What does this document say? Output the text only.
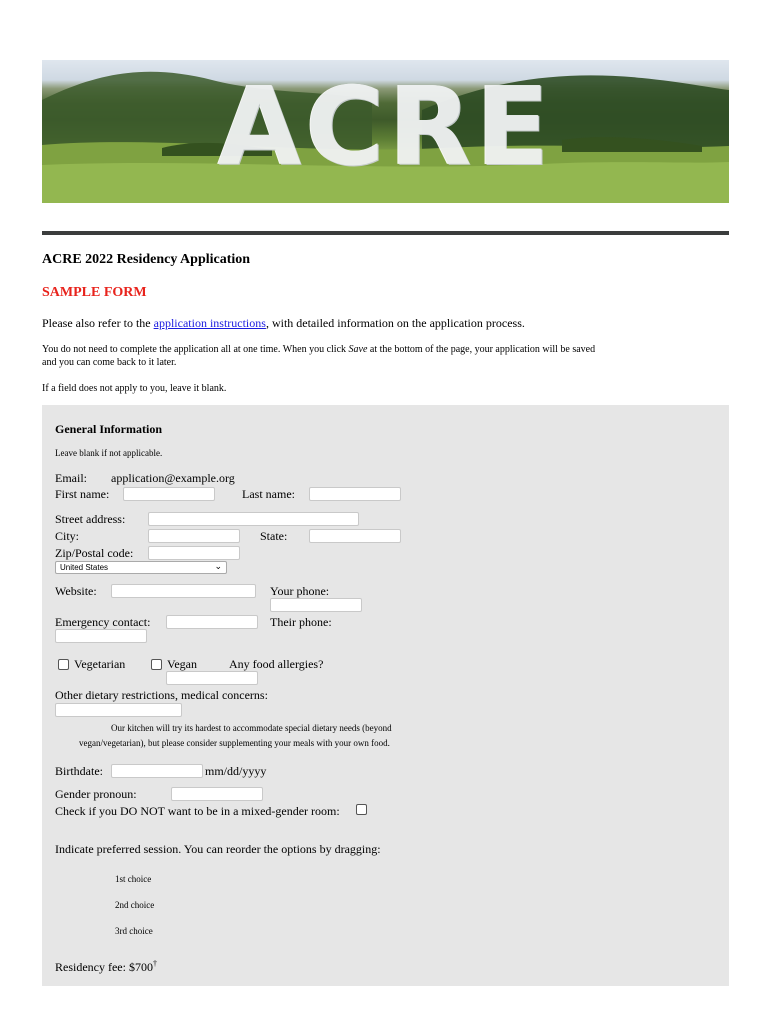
ACRE
ACRE 2022 Residency Application
SAMPLE FORM
Please also refer to the application instructions, with detailed information on the application process.
You do not need to complete the application all at one time. When you click Save at the bottom of the page, your application will be saved
and you can come back to it later.
If a field does not apply to you, leave it blank.
General Information
Leave blank if not applicable.
Email: application@example.org
First name:	Last name:
Street address:
City:	State:
Zip/Postal code:
United States	⌄
Website:	Your phone:
Emergency contact:	Their phone:
Vegetarian	Vegan	Any food allergies?
Other dietary restrictions, medical concerns:
Our kitchen will try its hardest to accommodate special dietary needs (beyond
vegan/vegetarian), but please consider supplementing your meals with your own food.
Birthdate:	mm/dd/yyyy
Gender pronoun:
Check if you DO NOT want to be in a mixed-gender room:
Indicate preferred session. You can reorder the options by dragging:
1st choice
2nd choice
3rd choice
Residency fee: $700†
